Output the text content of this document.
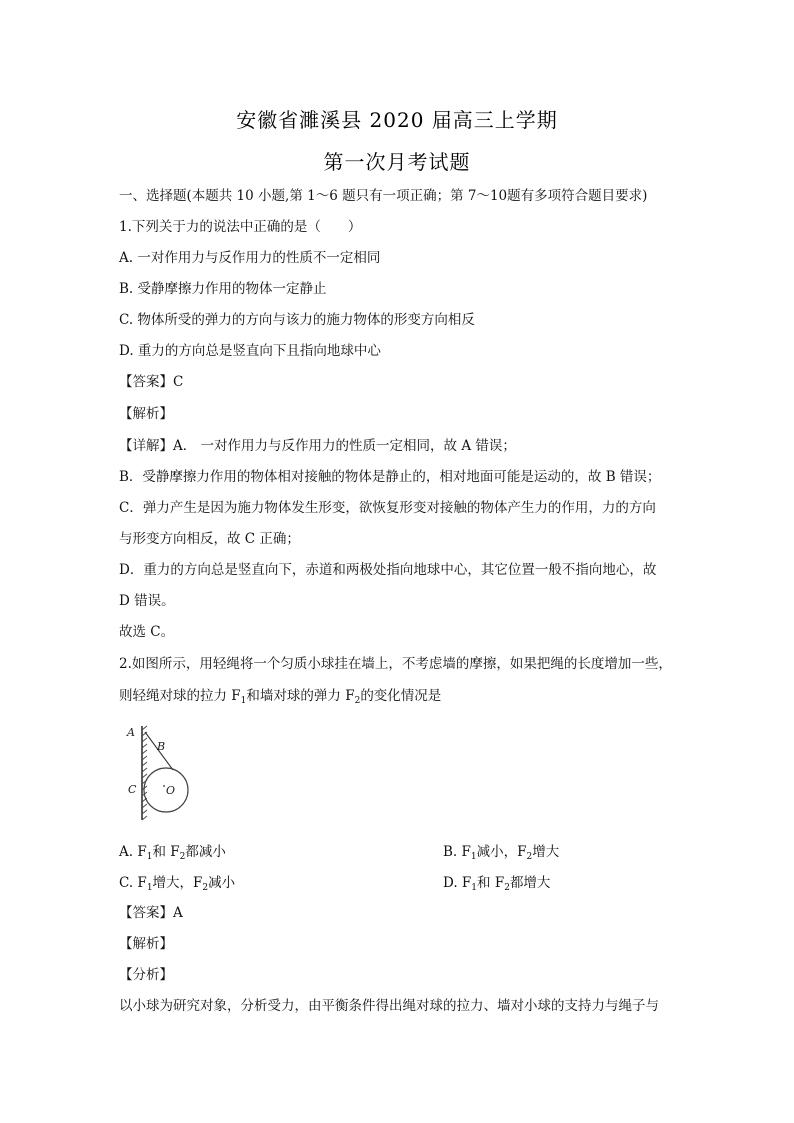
安徽省濉溪县 2020 届高三上学期
第一次月考试题
一、选择题(本题共 10 小题,第 1～6 题只有一项正确；第 7～10题有多项符合题目要求)
1.下列关于力的说法中正确的是（　　）
A. 一对作用力与反作用力的性质不一定相同
B. 受静摩擦力作用的物体一定静止
C. 物体所受的弹力的方向与该力的施力物体的形变方向相反
D. 重力的方向总是竖直向下且指向地球中心
【答案】C
【解析】
【详解】A． 一对作用力与反作用力的性质一定相同，故 A 错误；
B．受静摩擦力作用的物体相对接触的物体是静止的，相对地面可能是运动的，故 B 错误；
C．弹力产生是因为施力物体发生形变，欲恢复形变对接触的物体产生力的作用，力的方向
与形变方向相反，故 C 正确；
D．重力的方向总是竖直向下，赤道和两极处指向地球中心，其它位置一般不指向地心，故
D 错误。
故选 C。
2.如图所示，用轻绳将一个匀质小球挂在墙上，不考虑墙的摩擦，如果把绳的长度增加一些，
则轻绳对球的拉力 $F_1$和墙对球的弹力 $F_2$的变化情况是
A
B
C	O
A. $F_1$和 $F_2$都减小	B. $F_1$减小，$F_2$增大
C. $F_1$增大，$F_2$减小	D. $F_1$和 $F_2$都增大
【答案】A
【解析】
【分析】
以小球为研究对象，分析受力，由平衡条件得出绳对球的拉力、墙对小球的支持力与绳子与
